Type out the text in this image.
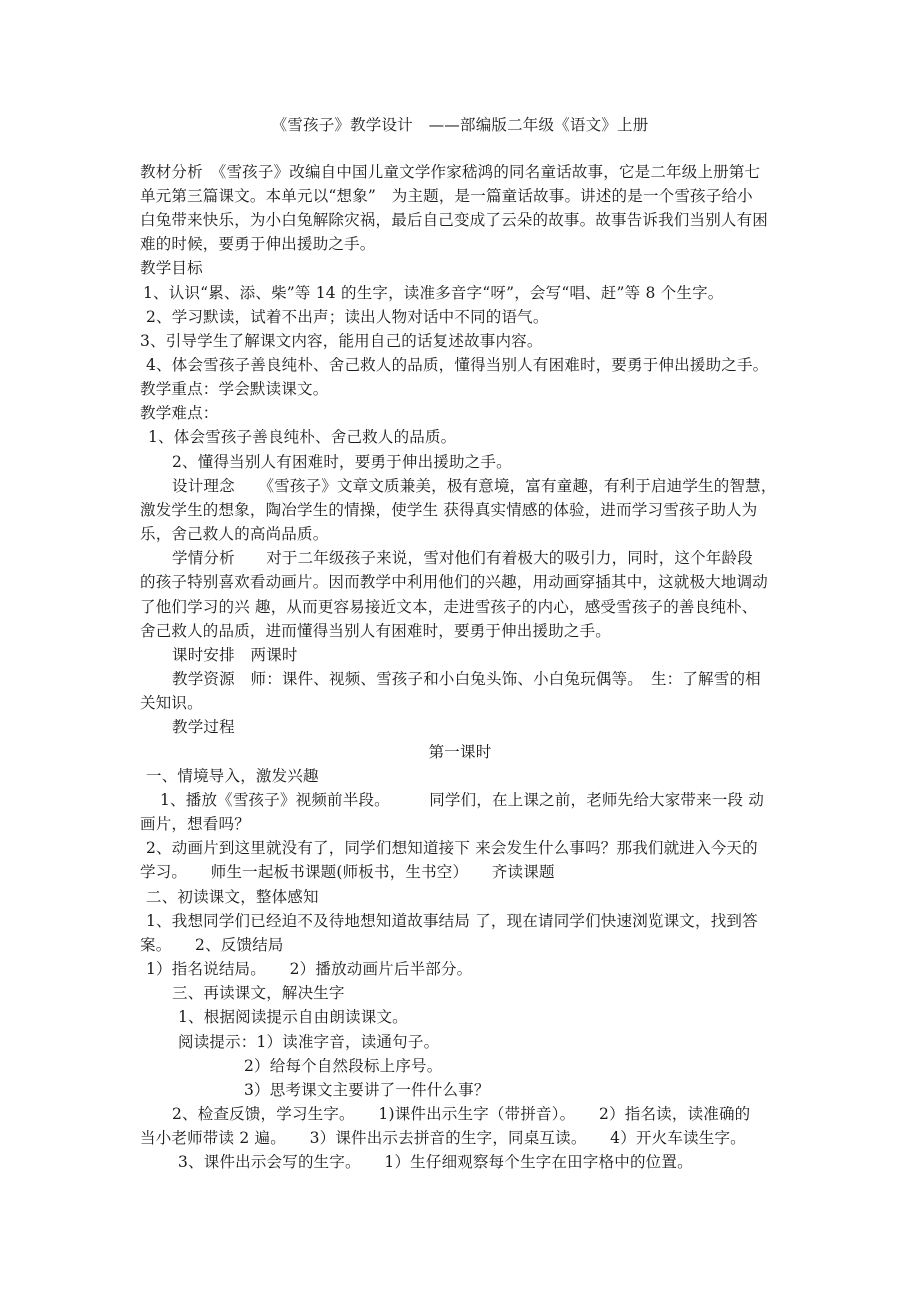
《雪孩子》教学设计　——部编版二年级《语文》上册
教材分析　《雪孩子》改编自中国儿童文学作家嵇鸿的同名童话故事，它是二年级上册第七
单元第三篇课文。本单元以“想象”　为主题，是一篇童话故事。讲述的是一个雪孩子给小
白兔带来快乐，为小白兔解除灾祸，最后自己变成了云朵的故事。故事告诉我们当别人有困
难的时候，要勇于伸出援助之手。
教学目标
1、认识“累、添、柴”等 14 的生字，读准多音字“呀”，会写“唱、赶”等 8 个生字。
2、学习默读，试着不出声；读出人物对话中不同的语气。
3、引导学生了解课文内容，能用自己的话复述故事内容。
4、体会雪孩子善良纯朴、舍己救人的品质，懂得当别人有困难时，要勇于伸出援助之手。
教学重点：学会默读课文。
教学难点：
1、体会雪孩子善良纯朴、舍己救人的品质。
2、懂得当别人有困难时，要勇于伸出援助之手。
设计理念　　《雪孩子》文章文质兼美，极有意境，富有童趣，有利于启迪学生的智慧，
激发学生的想象，陶冶学生的情操，使学生 获得真实情感的体验，进而学习雪孩子助人为
乐，舍己救人的高尚品质。
学情分析　　对于二年级孩子来说，雪对他们有着极大的吸引力，同时，这个年龄段
的孩子特别喜欢看动画片。因而教学中利用他们的兴趣，用动画穿插其中，这就极大地调动
了他们学习的兴 趣，从而更容易接近文本，走进雪孩子的内心，感受雪孩子的善良纯朴、
舍己救人的品质，进而懂得当别人有困难时，要勇于伸出援助之手。
课时安排　两课时
教学资源　师：课件、视频、雪孩子和小白兔头饰、小白兔玩偶等。　生：了解雪的相
关知识。
教学过程
第一课时
一、情境导入，激发兴趣
1、播放《雪孩子》视频前半段。　　　同学们，在上课之前，老师先给大家带来一段 动
画片，想看吗？
2、动画片到这里就没有了，同学们想知道接下 来会发生什么事吗？那我们就进入今天的
学习。　　师生一起板书课题(师板书，生书空）　　齐读课题
二、初读课文，整体感知
1、我想同学们已经迫不及待地想知道故事结局 了，现在请同学们快速浏览课文，找到答
案。　　2、反馈结局
1）指名说结局。　　2）播放动画片后半部分。
三、再读课文，解决生字
1、根据阅读提示自由朗读课文。
阅读提示：1）读准字音，读通句子。
2）给每个自然段标上序号。
3）思考课文主要讲了一件什么事？
2、检查反馈，学习生字。　　1)课件出示生字（带拼音）。　　2）指名读，读准确的
当小老师带读 2 遍。　　3）课件出示去拼音的生字，同桌互读。　　4）开火车读生字。
3、课件出示会写的生字。　　1）生仔细观察每个生字在田字格中的位置。
